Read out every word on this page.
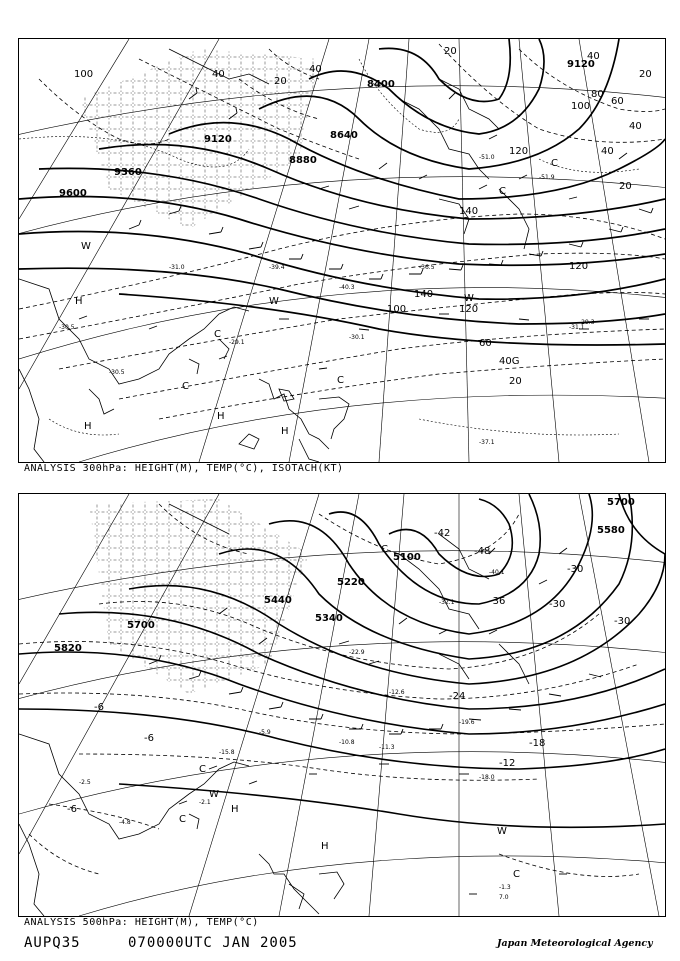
-40.3
-36.5
-39.4
-31.0
-51.0
-51.9
-30.1
-31.1
-37.1
-29.1
-30.5
-30.5
-29.3
9600
9360
9120
8880
8640
8400
9120
100	40
20
40
20	40
20
60
80
100
120
140
40
120
140
120
100
60
40G
20
20
40
H
H
C
H
H
C
W
W
C
C
W
C
ANALYSIS 300hPa: HEIGHT(M), TEMP(°C), ISOTACH(KT)
-22.9
-12.6
-19.6
-32.1
-40.1
-10.8
-5.9
-15.8
-11.3
-18.0
-2.1
-1.3
7.0
-4.8
-2.5
5820
5700
5440
5340
5220
5100
5700
5580
-6
-6
-6
-12
-18
-24
-30
-36
-42
-48
-30
-30
C
W
H
C
H
W
C
C
ANALYSIS 500hPa: HEIGHT(M), TEMP(°C)
AUPQ35	070000UTC JAN 2005	Japan Meteorological Agency
